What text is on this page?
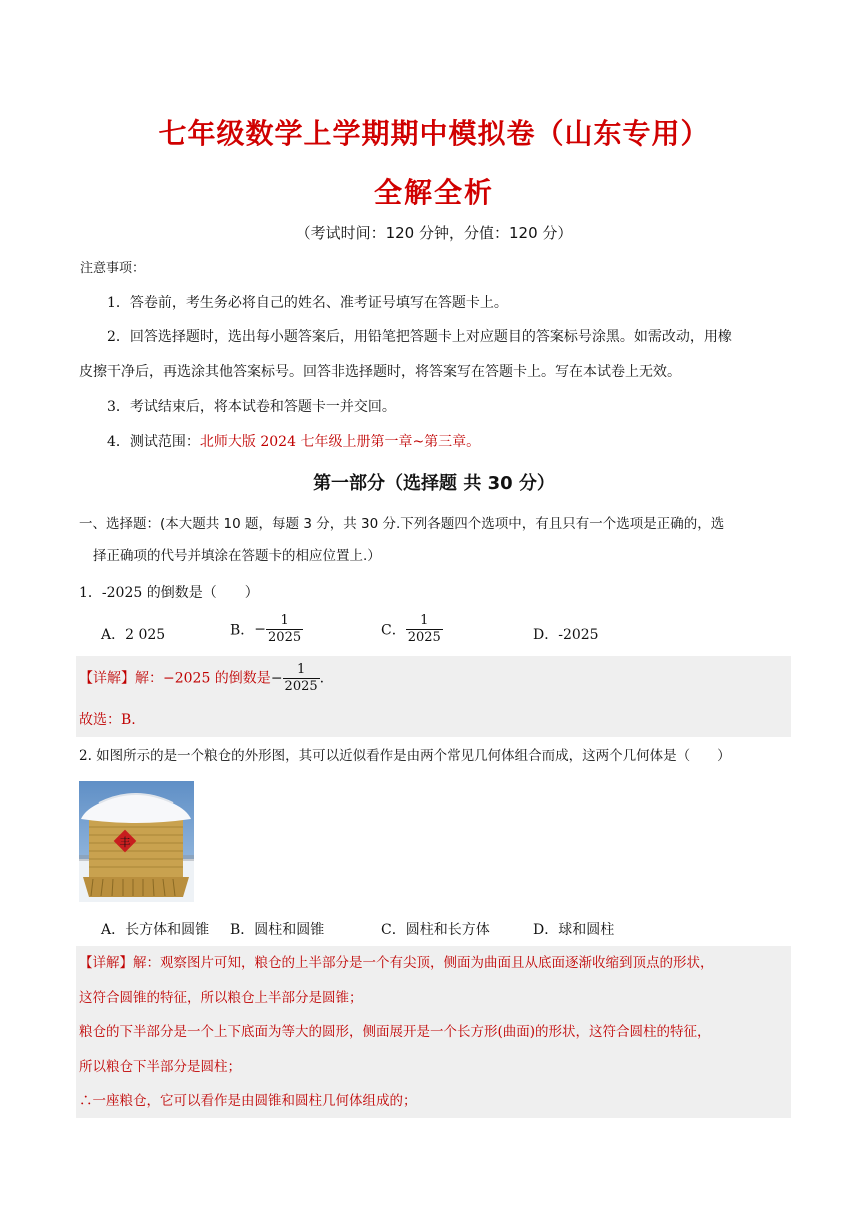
七年级数学上学期期中模拟卷（山东专用）
全解全析
（考试时间：120 分钟，分值：120 分）
注意事项：
1．答卷前，考生务必将自己的姓名、准考证号填写在答题卡上。
2．回答选择题时，选出每小题答案后，用铅笔把答题卡上对应题目的答案标号涂黑。如需改动，用橡
皮擦干净后，再选涂其他答案标号。回答非选择题时，将答案写在答题卡上。写在本试卷上无效。
3．考试结束后，将本试卷和答题卡一并交回。
4．测试范围：北师大版 2024 七年级上册第一章~第三章。
第一部分（选择题 共 30 分）
一、选择题：(本大题共 10 题，每题 3 分，共 30 分.下列各题四个选项中，有且只有一个选项是正确的，选
择正确项的代号并填涂在答题卡的相应位置上.）
1．-2025 的倒数是（　　）
A．2 025	B．− $\frac{1}{2025}$	C． $\frac{1}{2025}$	D．-2025
【详解】解：−2025 的倒数是− $\frac{1}{2025}$ .
故选：B.
2. 如图所示的是一个粮仓的外形图，其可以近似看作是由两个常见几何体组合而成，这两个几何体是（　　）
丰
A．长方体和圆锥 B．圆柱和圆锥	C．圆柱和长方体	D．球和圆柱
【详解】解：观察图片可知，粮仓的上半部分是一个有尖顶，侧面为曲面且从底面逐渐收缩到顶点的形状，
这符合圆锥的特征，所以粮仓上半部分是圆锥；
粮仓的下半部分是一个上下底面为等大的圆形，侧面展开是一个长方形(曲面)的形状，这符合圆柱的特征，
所以粮仓下半部分是圆柱；
∴一座粮仓，它可以看作是由圆锥和圆柱几何体组成的；
